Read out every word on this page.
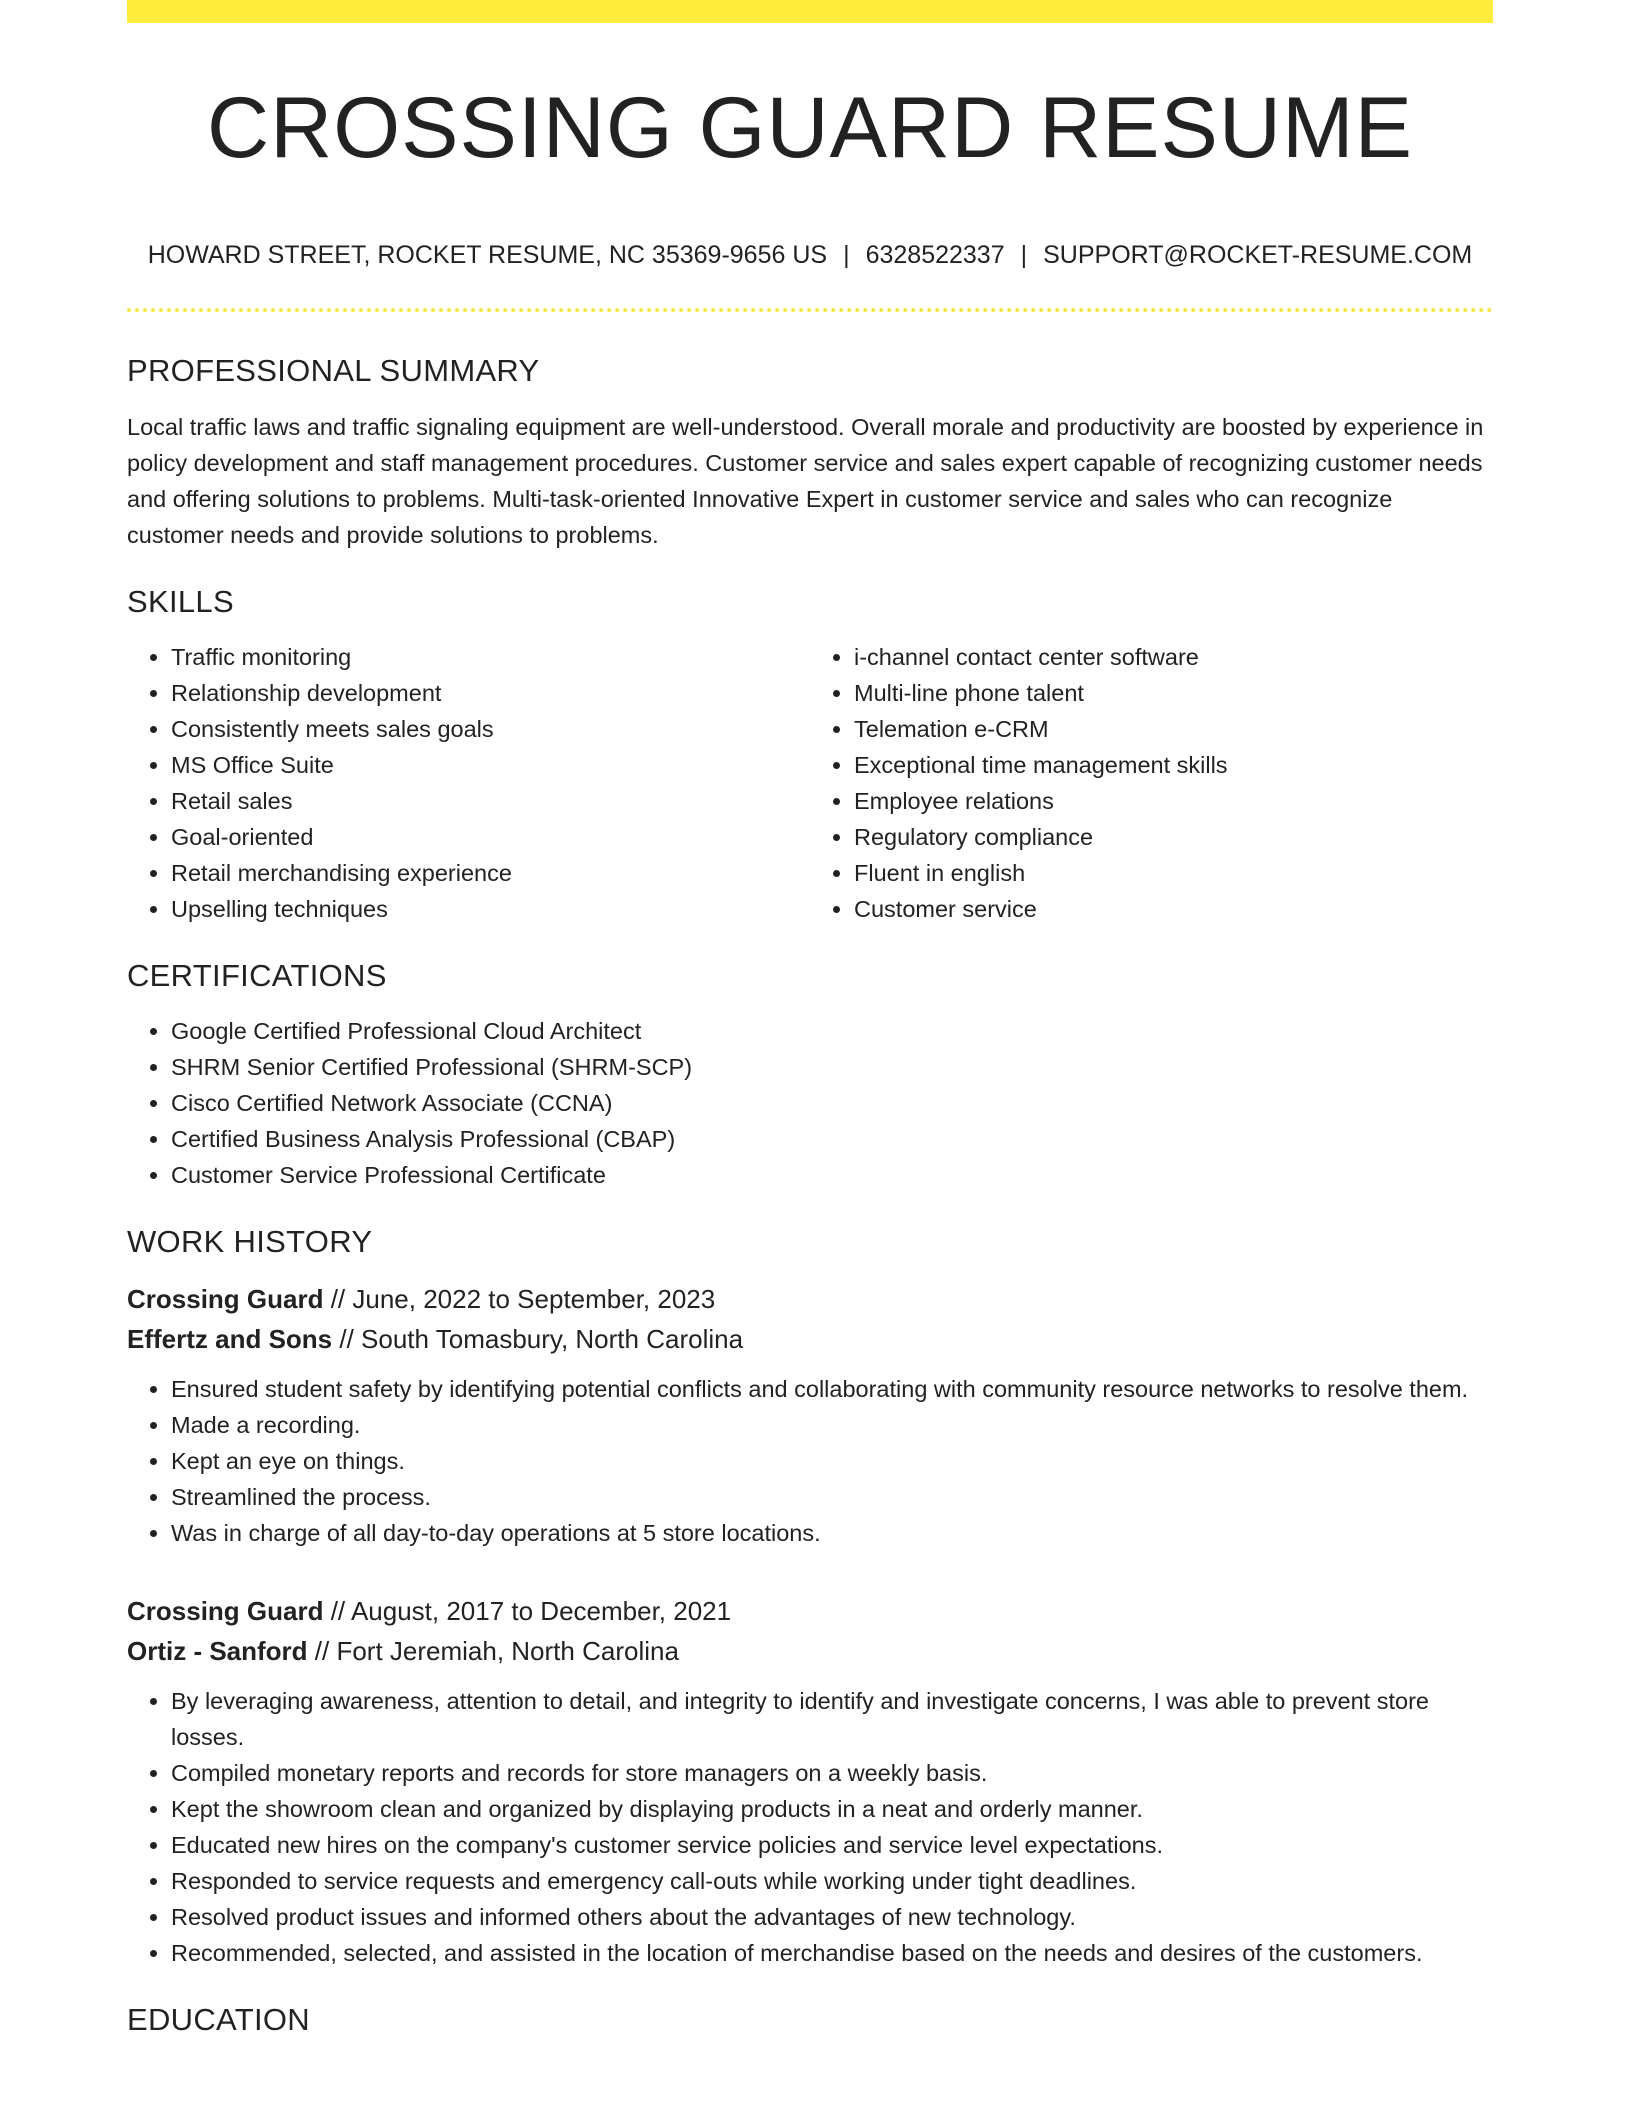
CROSSING GUARD RESUME
HOWARD STREET, ROCKET RESUME, NC 35369-9656 US | 6328522337 | SUPPORT@ROCKET-RESUME.COM
PROFESSIONAL SUMMARY

Local traffic laws and traffic signaling equipment are well-understood. Overall morale and productivity are boosted by experience in policy development and staff management procedures. Customer service and sales expert capable of recognizing customer needs and offering solutions to problems. Multi-task-oriented Innovative Expert in customer service and sales who can recognize customer needs and provide solutions to problems.

SKILLS
• Traffic monitoring
• Relationship development
• Consistently meets sales goals
• MS Office Suite
• Retail sales
• Goal-oriented
• Retail merchandising experience
• Upselling techniques
• i-channel contact center software
• Multi-line phone talent
• Telemation e-CRM
• Exceptional time management skills
• Employee relations
• Regulatory compliance
• Fluent in english
• Customer service
CERTIFICATIONS
• Google Certified Professional Cloud Architect
• SHRM Senior Certified Professional (SHRM-SCP)
• Cisco Certified Network Associate (CCNA)
• Certified Business Analysis Professional (CBAP)
• Customer Service Professional Certificate
WORK HISTORY
Crossing Guard // June, 2022 to September, 2023
Effertz and Sons // South Tomasbury, North Carolina
• Ensured student safety by identifying potential conflicts and collaborating with community resource networks to resolve them.
• Made a recording.
• Kept an eye on things.
• Streamlined the process.
• Was in charge of all day-to-day operations at 5 store locations.
Crossing Guard // August, 2017 to December, 2021
Ortiz - Sanford // Fort Jeremiah, North Carolina
• By leveraging awareness, attention to detail, and integrity to identify and investigate concerns, I was able to prevent store losses.
• Compiled monetary reports and records for store managers on a weekly basis.
• Kept the showroom clean and organized by displaying products in a neat and orderly manner.
• Educated new hires on the company's customer service policies and service level expectations.
• Responded to service requests and emergency call-outs while working under tight deadlines.
• Resolved product issues and informed others about the advantages of new technology.
• Recommended, selected, and assisted in the location of merchandise based on the needs and desires of the customers.
EDUCATION
